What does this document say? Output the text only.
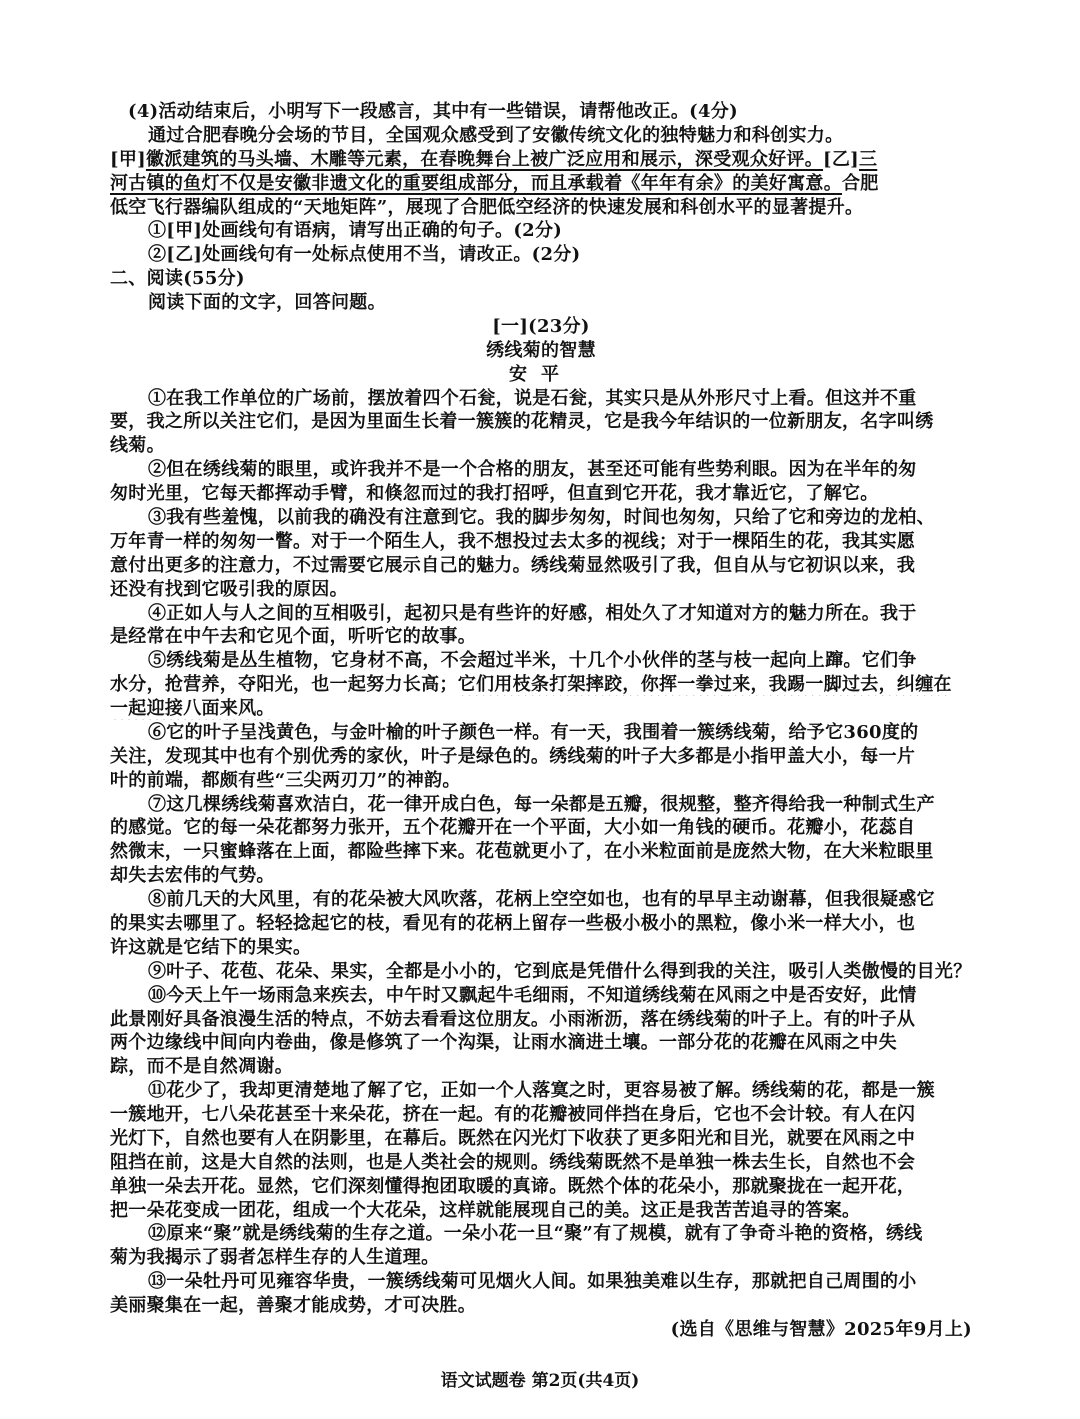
(4)活动结束后，小明写下一段感言，其中有一些错误，请帮他改正。(4分)
通过合肥春晚分会场的节目，全国观众感受到了安徽传统文化的独特魅力和科创实力。
[甲]徽派建筑的马头墙、木雕等元素，在春晚舞台上被广泛应用和展示，深受观众好评。[乙]三
河古镇的鱼灯不仅是安徽非遗文化的重要组成部分，而且承载着《年年有余》的美好寓意。合肥
低空飞行器编队组成的“天地矩阵”，展现了合肥低空经济的快速发展和科创水平的显著提升。
①[甲]处画线句有语病，请写出正确的句子。(2分)
②[乙]处画线句有一处标点使用不当，请改正。(2分)
二、阅读(55分)
阅读下面的文字，回答问题。
[一](23分)
绣线菊的智慧
安平
①在我工作单位的广场前，摆放着四个石瓮，说是石瓮，其实只是从外形尺寸上看。但这并不重
要，我之所以关注它们，是因为里面生长着一簇簇的花精灵，它是我今年结识的一位新朋友，名字叫绣
线菊。
②但在绣线菊的眼里，或许我并不是一个合格的朋友，甚至还可能有些势利眼。因为在半年的匆
匆时光里，它每天都挥动手臂，和倏忽而过的我打招呼，但直到它开花，我才靠近它，了解它。
③我有些羞愧，以前我的确没有注意到它。我的脚步匆匆，时间也匆匆，只给了它和旁边的龙柏、
万年青一样的匆匆一瞥。对于一个陌生人，我不想投过去太多的视线；对于一棵陌生的花，我其实愿
意付出更多的注意力，不过需要它展示自己的魅力。绣线菊显然吸引了我，但自从与它初识以来，我
还没有找到它吸引我的原因。
④正如人与人之间的互相吸引，起初只是有些许的好感，相处久了才知道对方的魅力所在。我于
是经常在中午去和它见个面，听听它的故事。
⑤绣线菊是丛生植物，它身材不高，不会超过半米，十几个小伙伴的茎与枝一起向上蹿。它们争
水分，抢营养，夺阳光，也一起努力长高；它们用枝条打架摔跤，你挥一拳过来，我踢一脚过去，纠缠在
一起迎接八面来风。
⑥它的叶子呈浅黄色，与金叶榆的叶子颜色一样。有一天，我围着一簇绣线菊，给予它360度的
关注，发现其中也有个别优秀的家伙，叶子是绿色的。绣线菊的叶子大多都是小指甲盖大小，每一片
叶的前端，都颇有些“三尖两刃刀”的神韵。
⑦这几棵绣线菊喜欢洁白，花一律开成白色，每一朵都是五瓣，很规整，整齐得给我一种制式生产
的感觉。它的每一朵花都努力张开，五个花瓣开在一个平面，大小如一角钱的硬币。花瓣小，花蕊自
然微末，一只蜜蜂落在上面，都险些摔下来。花苞就更小了，在小米粒面前是庞然大物，在大米粒眼里
却失去宏伟的气势。
⑧前几天的大风里，有的花朵被大风吹落，花柄上空空如也，也有的早早主动谢幕，但我很疑惑它
的果实去哪里了。轻轻捻起它的枝，看见有的花柄上留存一些极小极小的黑粒，像小米一样大小，也
许这就是它结下的果实。
⑨叶子、花苞、花朵、果实，全都是小小的，它到底是凭借什么得到我的关注，吸引人类傲慢的目光？
⑩今天上午一场雨急来疾去，中午时又飘起牛毛细雨，不知道绣线菊在风雨之中是否安好，此情
此景刚好具备浪漫生活的特点，不妨去看看这位朋友。小雨淅沥，落在绣线菊的叶子上。有的叶子从
两个边缘线中间向内卷曲，像是修筑了一个沟渠，让雨水滴进土壤。一部分花的花瓣在风雨之中失
踪，而不是自然凋谢。
⑪花少了，我却更清楚地了解了它，正如一个人落寞之时，更容易被了解。绣线菊的花，都是一簇
一簇地开，七八朵花甚至十来朵花，挤在一起。有的花瓣被同伴挡在身后，它也不会计较。有人在闪
光灯下，自然也要有人在阴影里，在幕后。既然在闪光灯下收获了更多阳光和目光，就要在风雨之中
阻挡在前，这是大自然的法则，也是人类社会的规则。绣线菊既然不是单独一株去生长，自然也不会
单独一朵去开花。显然，它们深刻懂得抱团取暖的真谛。既然个体的花朵小，那就聚拢在一起开花，
把一朵花变成一团花，组成一个大花朵，这样就能展现自己的美。这正是我苦苦追寻的答案。
⑫原来“聚”就是绣线菊的生存之道。一朵小花一旦“聚”有了规模，就有了争奇斗艳的资格，绣线
菊为我揭示了弱者怎样生存的人生道理。
⑬一朵牡丹可见雍容华贵，一簇绣线菊可见烟火人间。如果独美难以生存，那就把自己周围的小
美丽聚集在一起，善聚才能成势，才可决胜。
(选自《思维与智慧》2025年9月上)
语文试题卷 第2页(共4页)
